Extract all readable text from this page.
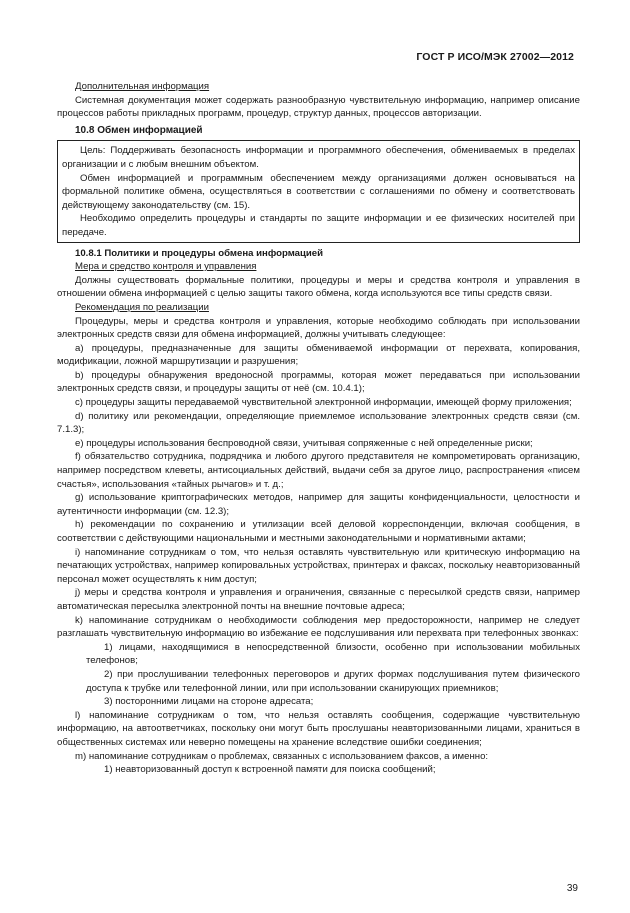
ГОСТ Р ИСО/МЭК 27002—2012

Дополнительная информация

Системная документация может содержать разнообразную чувствительную информацию, например описание процессов работы прикладных программ, процедур, структур данных, процессов авторизации.

10.8 Обмен информацией

Цель: Поддерживать безопасность информации и программного обеспечения, обмениваемых в пределах организации и с любым внешним объектом.

Обмен информацией и программным обеспечением между организациями должен основываться на формальной политике обмена, осуществляться в соответствии с соглашениями по обмену и соответствовать действующему законодательству (см. 15).

Необходимо определить процедуры и стандарты по защите информации и ее физических носителей при передаче.

10.8.1 Политики и процедуры обмена информацией

Мера и средство контроля и управления

Должны существовать формальные политики, процедуры и меры и средства контроля и управления в отношении обмена информацией с целью защиты такого обмена, когда используются все типы средств связи.

Рекомендация по реализации

Процедуры, меры и средства контроля и управления, которые необходимо соблюдать при использовании электронных средств связи для обмена информацией, должны учитывать следующее:

a) процедуры, предназначенные для защиты обмениваемой информации от перехвата, копирования, модификации, ложной маршрутизации и разрушения;

b) процедуры обнаружения вредоносной программы, которая может передаваться при использовании электронных средств связи, и процедуры защиты от неё (см. 10.4.1);

c) процедуры защиты передаваемой чувствительной электронной информации, имеющей форму приложения;

d) политику или рекомендации, определяющие приемлемое использование электронных средств связи (см. 7.1.3);

e) процедуры использования беспроводной связи, учитывая сопряженные с ней определенные риски;

f) обязательство сотрудника, подрядчика и любого другого представителя не компрометировать организацию, например посредством клеветы, антисоциальных действий, выдачи себя за другое лицо, распространения «писем счастья», использования «тайных рычагов» и т. д.;

g) использование криптографических методов, например для защиты конфиденциальности, целостности и аутентичности информации (см. 12.3);

h) рекомендации по сохранению и утилизации всей деловой корреспонденции, включая сообщения, в соответствии с действующими национальными и местными законодательными и нормативными актами;

i) напоминание сотрудникам о том, что нельзя оставлять чувствительную или критическую информацию на печатающих устройствах, например копировальных устройствах, принтерах и факсах, поскольку неавторизованный персонал может осуществлять к ним доступ;

j) меры и средства контроля и управления и ограничения, связанные с пересылкой средств связи, например автоматическая пересылка электронной почты на внешние почтовые адреса;

k) напоминание сотрудникам о необходимости соблюдения мер предосторожности, например не следует разглашать чувствительную информацию во избежание ее подслушивания или перехвата при телефонных звонках:

1) лицами, находящимися в непосредственной близости, особенно при использовании мобильных телефонов;

2) при прослушивании телефонных переговоров и других формах подслушивания путем физического доступа к трубке или телефонной линии, или при использовании сканирующих приемников;

3) посторонними лицами на стороне адресата;

l) напоминание сотрудникам о том, что нельзя оставлять сообщения, содержащие чувствительную информацию, на автоответчиках, поскольку они могут быть прослушаны неавторизованными лицами, храниться в общественных системах или неверно помещены на хранение вследствие ошибки соединения;

m) напоминание сотрудникам о проблемах, связанных с использованием факсов, а именно:

1) неавторизованный доступ к встроенной памяти для поиска сообщений;

39
